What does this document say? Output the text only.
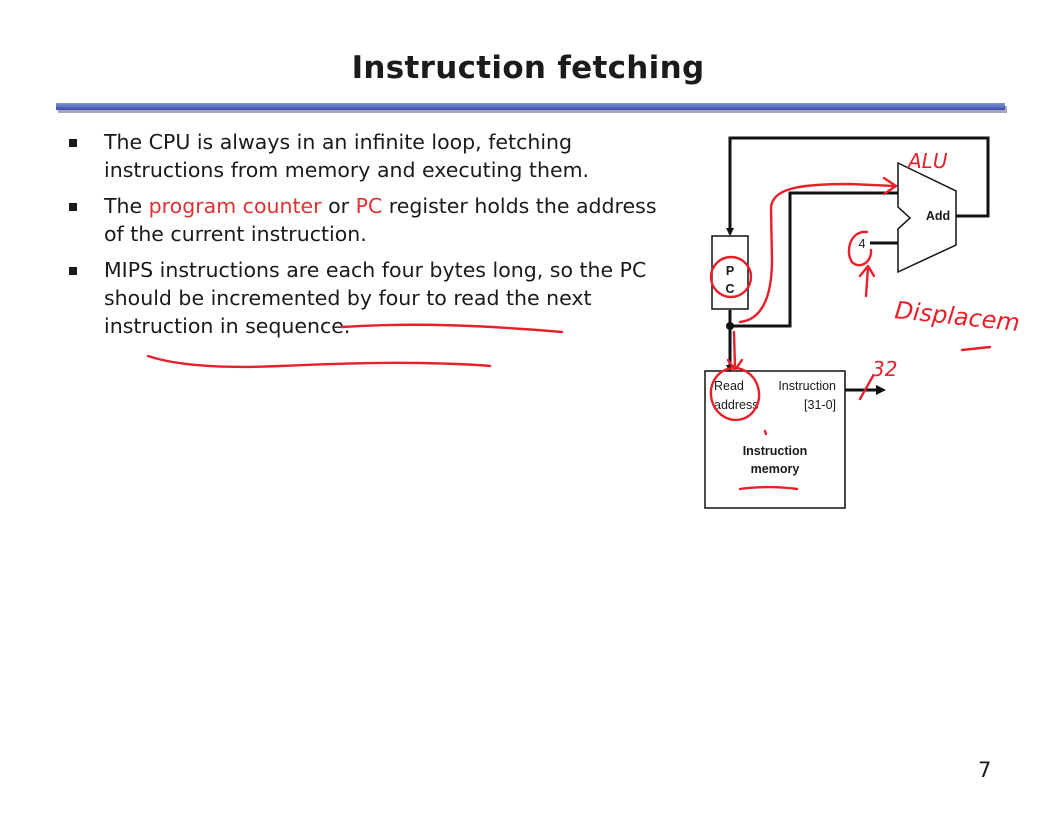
Instruction fetching
The CPU is always in an infinite loop, fetching instructions from memory and executing them.
The program counter or PC register holds the address of the current instruction.
MIPS instructions are each four bytes long, so the PC should be incremented by four to read the next instruction in sequence.
P
C
Add
4
Read
address
Instruction
[31-0]
Instruction
memory
ALU
Displacem
32
7
